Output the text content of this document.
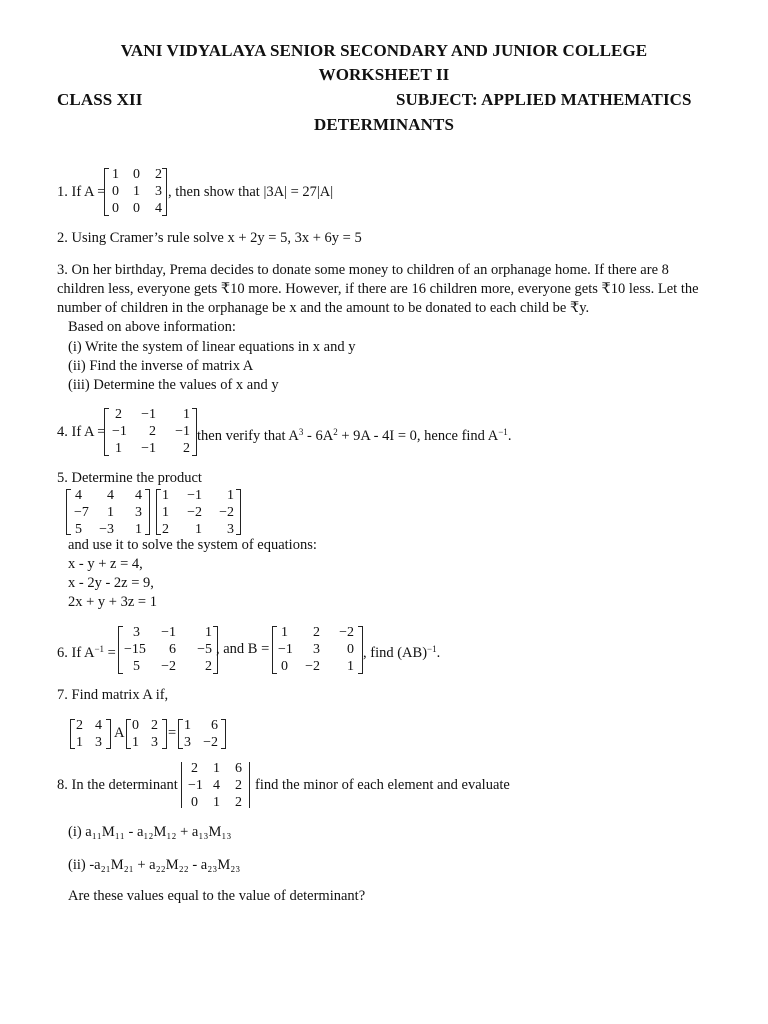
VANI VIDYALAYA SENIOR SECONDARY AND JUNIOR COLLEGE
WORKSHEET II
CLASS XII	SUBJECT: APPLIED MATHEMATICS
DETERMINANTS
1. If A =
1	0	2
0	1	3
0	0	4
, then show that |3A| = 27|A|
2. Using Cramer’s rule solve x + 2y = 5, 3x + 6y = 5
3. On her birthday, Prema decides to donate some money to children of an orphanage home. If there are 8
children less, everyone gets ₹10 more. However, if there are 16 children more, everyone gets ₹10 less. Let the
number of children in the orphanage be x and the amount to be donated to each child be ₹y.
Based on above information:
(i) Write the system of linear equations in x and y
(ii) Find the inverse of matrix A
(iii) Determine the values of x and y
4. If A =
2	−1	1
−1	2	−1
1	−1	2
then verify that $A^3 - 6A^2 + 9A - 4I = 0$, hence find $A^{-1}$.
5. Determine the product
4	4	4
−7	1	3
5	−3	1
1	−1	1
1	−2	−2
2	1	3
and use it to solve the system of equations:
x - y + z = 4,
x - 2y - 2z = 9,
2x + y + 3z = 1
6. If $A^{-1}$ =
3	−1	1
−15	6	−5
5	−2	2
, and B =
1	2	−2
−1	3	0
0	−2	1
, find (AB)$^{-1}$.
7. Find matrix A if,
2 4
1 3
A 0 2
1 3
= 1	6
3 −2
8. In the determinant
2	1	6
−1 4	2
0	1	2
find the minor of each element and evaluate
(i) a₁₁M₁₁ - a₁₂M₁₂ + a₁₃M₁₃
(ii) -a₂₁M₂₁ + a₂₂M₂₂ - a₂₃M₂₃
Are these values equal to the value of determinant?
